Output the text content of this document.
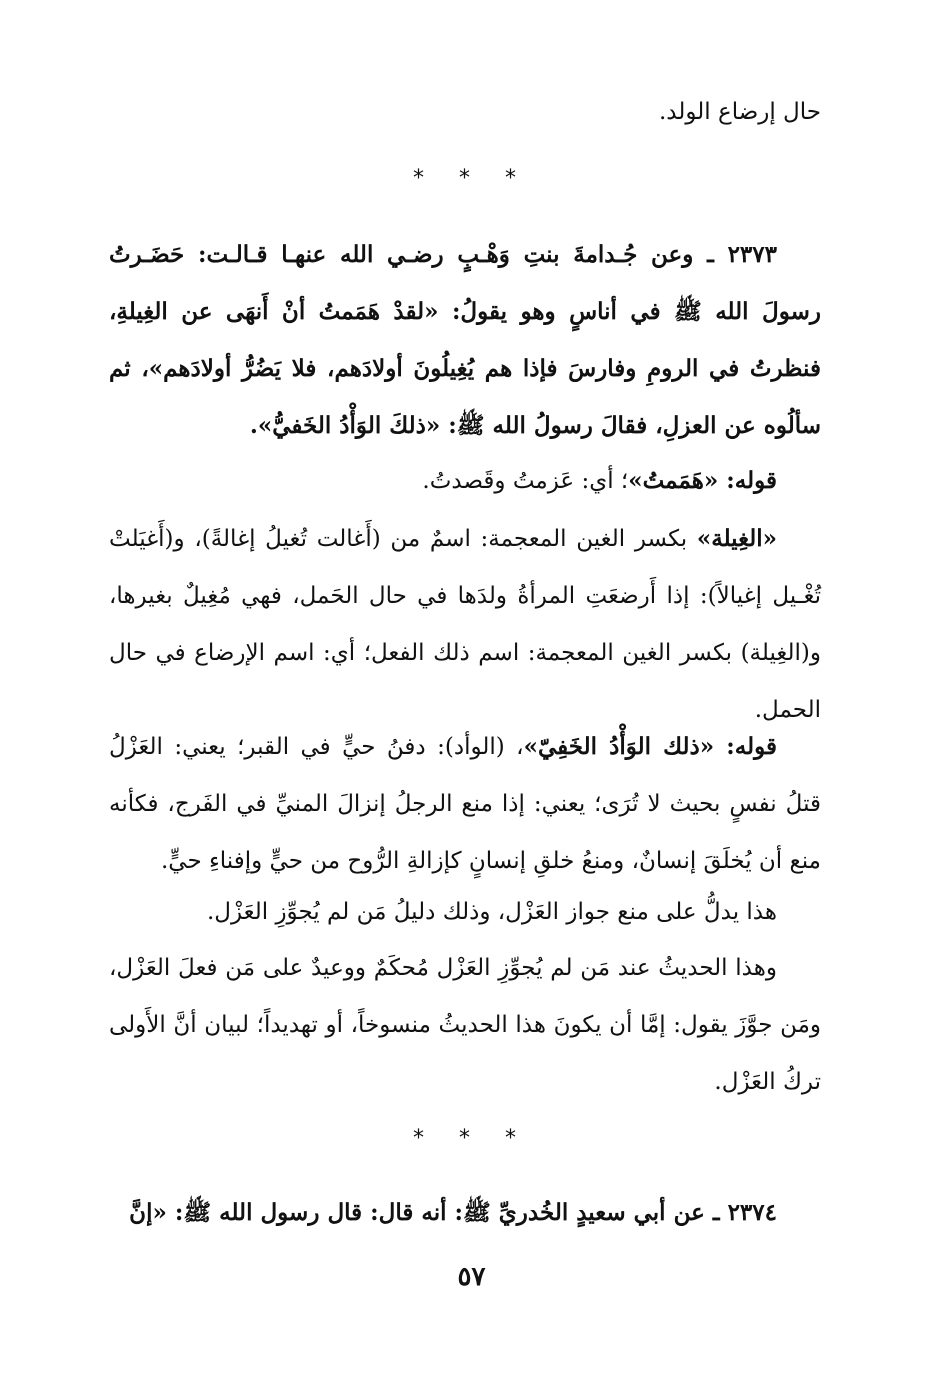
حال إرضاع الولد.

* * *

٢٣٧٣ ـ وعن جُـدامةَ بنتِ وَهْـبٍ رضـي الله عنهـا قـالـت: حَضَـرتُ رسولَ الله ﷺ في أناسٍ وهو يقولُ: «لقدْ هَمَمتُ أنْ أَنهَى عن الغِيلةِ، فنظرتُ في الرومِ وفارسَ فإذا هم يُغِيلُونَ أولادَهم، فلا يَضُرُّ أولادَهم»، ثم سألُوه عن العزلِ، فقالَ رسولُ الله ﷺ: «ذلكَ الوَأْدُ الخَفيُّ».

قوله: «هَمَمتُ»؛ أي: عَزمتُ وقَصدتُ.

«الغِيلة» بكسر الغين المعجمة: اسمٌ من (أَغالت تُغيلُ إغالةً)، و(أَغيَلتْ تُغْـيل إغيالاً): إذا أَرضعَتِ المرأةُ ولدَها في حال الحَمل، فهي مُغِيلٌ بغيرها، و(الغِيلة) بكسر الغين المعجمة: اسم ذلك الفعل؛ أي: اسم الإرضاع في حال الحمل.

قوله: «ذلك الوَأْدُ الخَفِيّ»، (الوأد): دفنُ حيٍّ في القبر؛ يعني: العَزْلُ قتلُ نفسٍ بحيث لا تُرَى؛ يعني: إذا منع الرجلُ إنزالَ المنيِّ في الفَرج، فكأنه منع أن يُخلَقَ إنسانٌ، ومنعُ خلقِ إنسانٍ كإزالةِ الرُّوح من حيٍّ وإفناءِ حيٍّ.

هذا يدلُّ على منع جواز العَزْل، وذلك دليلُ مَن لم يُجوِّزِ العَزْل.

وهذا الحديثُ عند مَن لم يُجوِّزِ العَزْل مُحكَمٌ ووعيدٌ على مَن فعلَ العَزْل، ومَن جوَّزَ يقول: إمَّا أن يكونَ هذا الحديثُ منسوخاً، أو تهديداً؛ لبيان أنَّ الأَولى تركُ العَزْل.

* * *

٢٣٧٤ ـ عن أبي سعيدٍ الخُدريِّ ﷺ: أنه قال: قال رسول الله ﷺ: «إنَّ

٥٧
